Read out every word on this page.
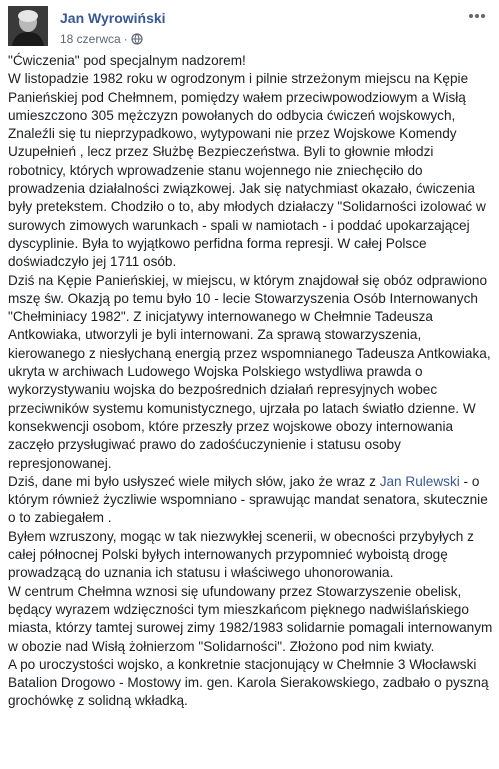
Jan Wyrowiński
18 czerwca ·

"Ćwiczenia" pod specjalnym nadzorem!

W listopadzie 1982 roku w ogrodzonym i pilnie strzeżonym miejscu na Kępie Panieńskiej pod Chełmnem, pomiędzy wałem przeciwpowodziowym a Wisłą umieszczono 305 mężczyzn powołanych do odbycia ćwiczeń wojskowych, Znaleźli się tu nieprzypadkowo, wytypowani nie przez Wojskowe Komendy Uzupełnień , lecz przez Służbę Bezpieczeństwa. Byli to głownie młodzi robotnicy, których wprowadzenie stanu wojennego nie zniechęciło do prowadzenia działalności związkowej. Jak się natychmiast okazało, ćwiczenia były pretekstem. Chodziło o to, aby młodych działaczy "Solidarności izolować w surowych zimowych warunkach - spali w namiotach - i poddać upokarzającej dyscyplinie. Była to wyjątkowo perfidna forma represji. W całej Polsce doświadczyło jej 1711 osób.

Dziś na Kępie Panieńskiej, w miejscu, w którym znajdował się obóz odprawiono mszę św. Okazją po temu było 10 - lecie Stowarzyszenia Osób Internowanych "Chełminiacy 1982". Z inicjatywy internowanego w Chełmnie Tadeusza Antkowiaka, utworzyli je byli internowani. Za sprawą stowarzyszenia, kierowanego z niesłychaną energią przez wspomnianego Tadeusza Antkowiaka, ukryta w archiwach Ludowego Wojska Polskiego wstydliwa prawda o wykorzystywaniu wojska do bezpośrednich działań represyjnych wobec przeciwników systemu komunistycznego, ujrzała po latach światło dzienne. W konsekwencji osobom, które przeszły przez wojskowe obozy internowania zaczęło przysługiwać prawo do zadośćuczynienie i statusu osoby represjonowanej.

Dziś, dane mi było usłyszeć wiele miłych słów, jako że wraz z Jan Rulewski - o którym również życzliwie wspomniano - sprawując mandat senatora, skutecznie o to zabiegałem .

Byłem wzruszony, mogąc w tak niezwykłej scenerii, w obecności przybyłych z całej północnej Polski byłych internowanych przypomnieć wyboistą drogę prowadzącą do uznania ich statusu i właściwego uhonorowania.

W centrum Chełmna wznosi się ufundowany przez Stowarzyszenie obelisk, będący wyrazem wdzięczności tym mieszkańcom pięknego nadwiślańskiego miasta, którzy tamtej surowej zimy 1982/1983 solidarnie pomagali internowanym w obozie nad Wisłą żołnierzom "Solidarności". Złożono pod nim kwiaty.

A po uroczystości wojsko, a konkretnie stacjonujący w Chełmnie 3 Włocławski Batalion Drogowo - Mostowy im. gen. Karola Sierakowskiego, zadbało o pyszną grochówkę z solidną wkładką.
